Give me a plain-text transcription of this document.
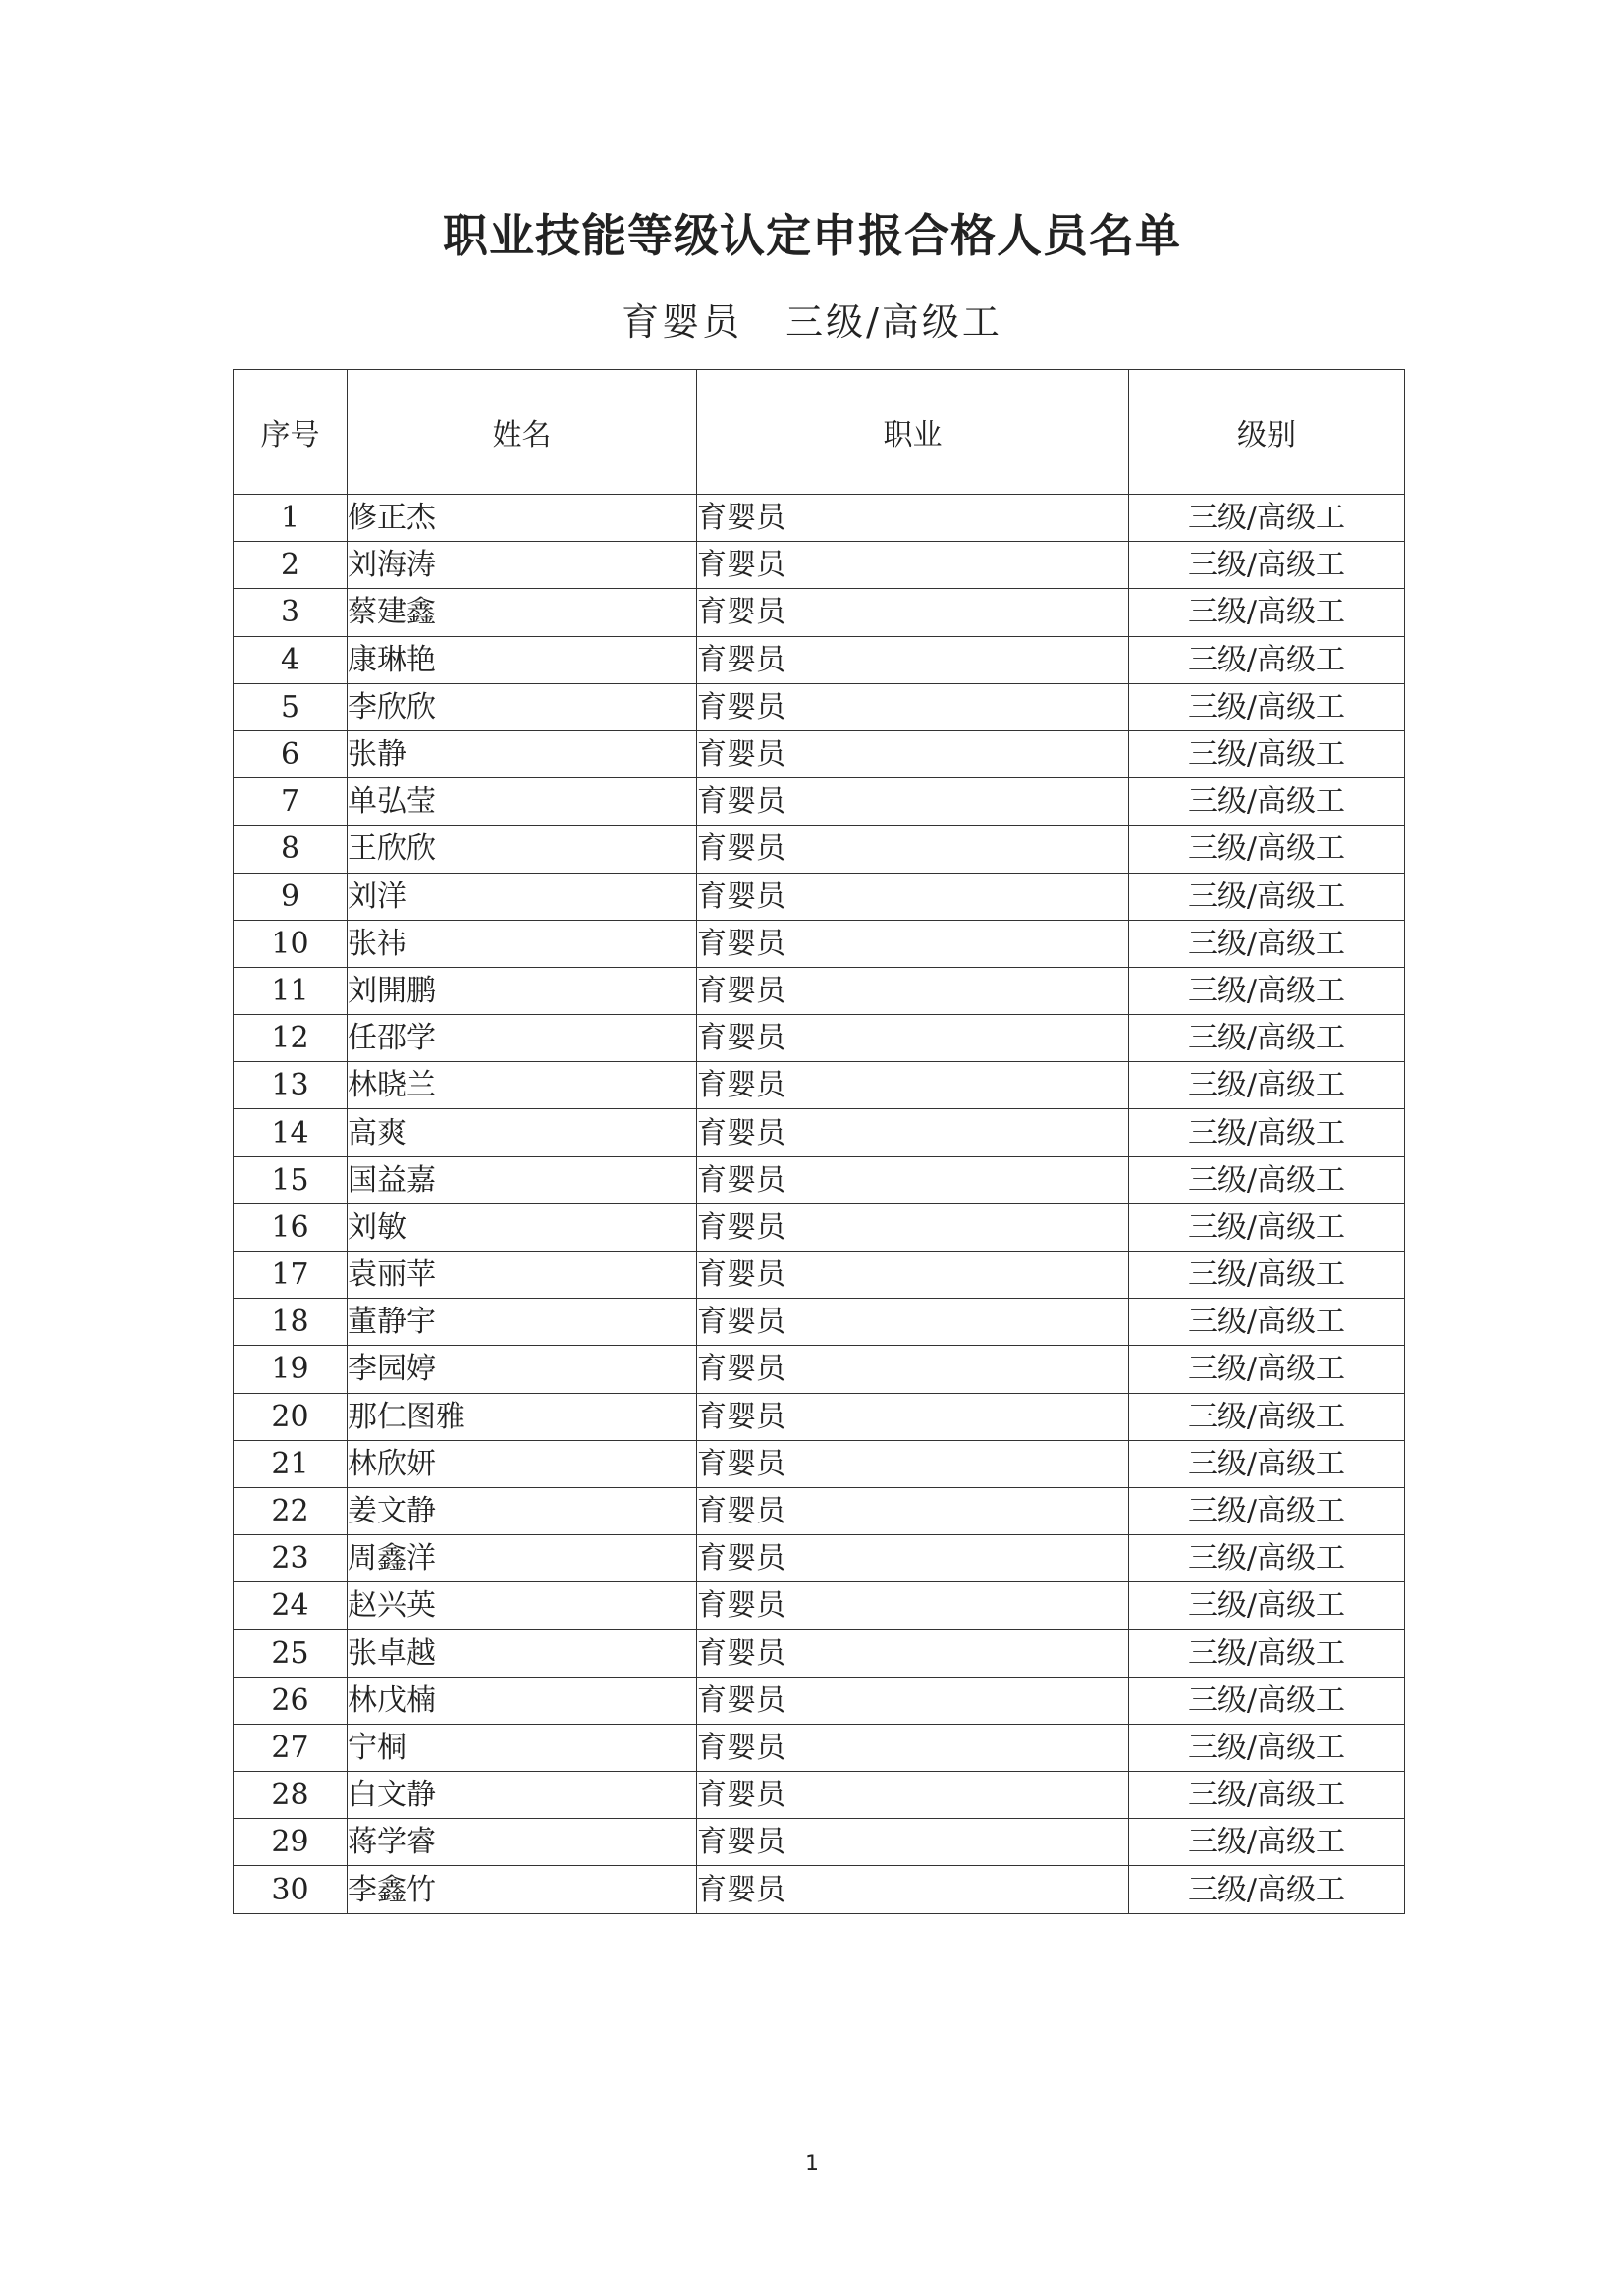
职业技能等级认定申报合格人员名单
育婴员 三级/高级工
序号	姓名	职业	级别
1	修正杰	育婴员	三级/高级工
2	刘海涛	育婴员	三级/高级工
3	蔡建鑫	育婴员	三级/高级工
4	康琳艳	育婴员	三级/高级工
5	李欣欣	育婴员	三级/高级工
6	张静	育婴员	三级/高级工
7	单弘莹	育婴员	三级/高级工
8	王欣欣	育婴员	三级/高级工
9	刘洋	育婴员	三级/高级工
10	张祎	育婴员	三级/高级工
11	刘開鹏	育婴员	三级/高级工
12	任邵学	育婴员	三级/高级工
13	林晓兰	育婴员	三级/高级工
14	高爽	育婴员	三级/高级工
15	国益嘉	育婴员	三级/高级工
16	刘敏	育婴员	三级/高级工
17	袁丽苹	育婴员	三级/高级工
18	董静宇	育婴员	三级/高级工
19	李园婷	育婴员	三级/高级工
20	那仁图雅	育婴员	三级/高级工
21	林欣妍	育婴员	三级/高级工
22	姜文静	育婴员	三级/高级工
23	周鑫洋	育婴员	三级/高级工
24	赵兴英	育婴员	三级/高级工
25	张卓越	育婴员	三级/高级工
26	林戊楠	育婴员	三级/高级工
27	宁桐	育婴员	三级/高级工
28	白文静	育婴员	三级/高级工
29	蒋学睿	育婴员	三级/高级工
30	李鑫竹	育婴员	三级/高级工
1
